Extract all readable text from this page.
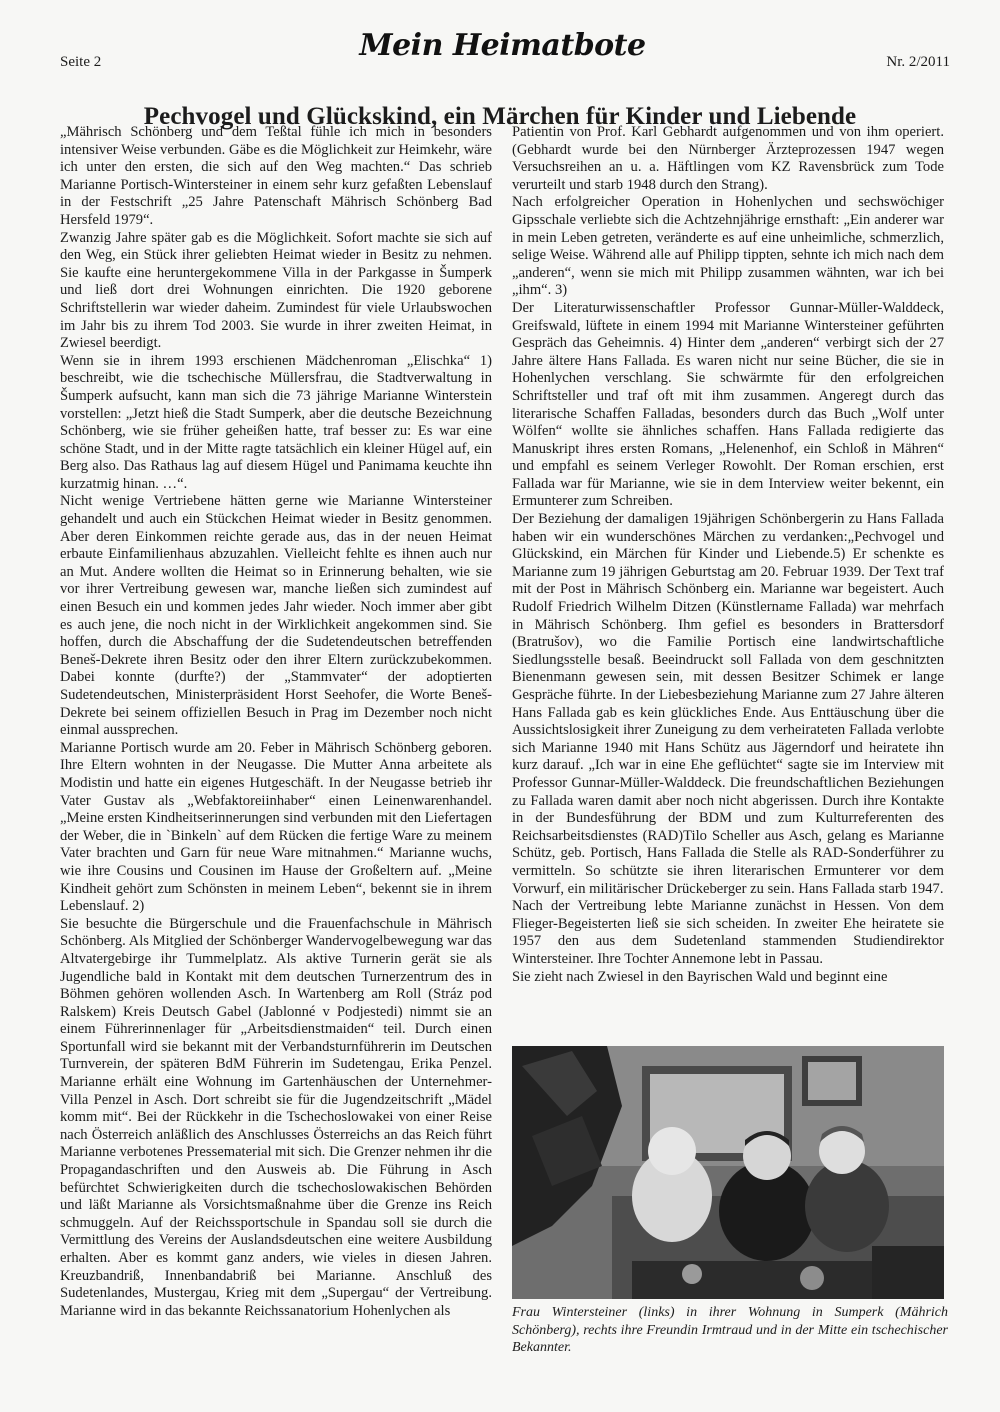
Seite 2	Mein Heimatbote	Nr. 2/2011
Pechvogel und Glückskind, ein Märchen für Kinder und Liebende

„Mährisch Schönberg und dem Teßtal fühle ich mich in besonders intensiver Weise verbunden. Gäbe es die Möglichkeit zur Heimkehr, wäre ich unter den ersten, die sich auf den Weg machten.“ Das schrieb Marianne Portisch-Wintersteiner in einem sehr kurz gefaßten Lebenslauf in der Festschrift „25 Jahre Patenschaft Mährisch Schönberg Bad Hersfeld 1979“.

Zwanzig Jahre später gab es die Möglichkeit. Sofort machte sie sich auf den Weg, ein Stück ihrer geliebten Heimat wieder in Besitz zu nehmen. Sie kaufte eine heruntergekommene Villa in der Parkgasse in Šumperk und ließ dort drei Wohnungen einrichten. Die 1920 geborene Schriftstellerin war wieder daheim. Zumindest für viele Urlaubswochen im Jahr bis zu ihrem Tod 2003. Sie wurde in ihrer zweiten Heimat, in Zwiesel beerdigt.

Wenn sie in ihrem 1993 erschienen Mädchenroman „Elischka“ 1) beschreibt, wie die tschechische Müllersfrau, die Stadtverwaltung in Šumperk aufsucht, kann man sich die 73 jährige Marianne Winterstein vorstellen: „Jetzt hieß die Stadt Sumperk, aber die deutsche Bezeichnung Schönberg, wie sie früher geheißen hatte, traf besser zu: Es war eine schöne Stadt, und in der Mitte ragte tatsächlich ein kleiner Hügel auf, ein Berg also. Das Rathaus lag auf diesem Hügel und Panimama keuchte ihn kurzatmig hinan. …“.

Nicht wenige Vertriebene hätten gerne wie Marianne Wintersteiner gehandelt und auch ein Stückchen Heimat wieder in Besitz genommen. Aber deren Einkommen reichte gerade aus, das in der neuen Heimat erbaute Einfamilienhaus abzuzahlen. Vielleicht fehlte es ihnen auch nur an Mut. Andere wollten die Heimat so in Erinnerung behalten, wie sie vor ihrer Vertreibung gewesen war, manche ließen sich zumindest auf einen Besuch ein und kommen jedes Jahr wieder. Noch immer aber gibt es auch jene, die noch nicht in der Wirklichkeit angekommen sind. Sie hoffen, durch die Abschaffung der die Sudetendeutschen betreffenden Beneš-Dekrete ihren Besitz oder den ihrer Eltern zurückzubekommen. Dabei konnte (durfte?) der „Stammvater“ der adoptierten Sudetendeutschen, Ministerpräsident Horst Seehofer, die Worte Beneš-Dekrete bei seinem offiziellen Besuch in Prag im Dezember noch nicht einmal aussprechen.

Marianne Portisch wurde am 20. Feber in Mährisch Schönberg geboren. Ihre Eltern wohnten in der Neugasse. Die Mutter Anna arbeitete als Modistin und hatte ein eigenes Hutgeschäft. In der Neugasse betrieb ihr Vater Gustav als „Webfaktoreiinhaber“ einen Leinenwarenhandel. „Meine ersten Kindheitserinnerungen sind verbunden mit den Liefertagen der Weber, die in `Binkeln` auf dem Rücken die fertige Ware zu meinem Vater brachten und Garn für neue Ware mitnahmen.“ Marianne wuchs, wie ihre Cousins und Cousinen im Hause der Großeltern auf. „Meine Kindheit gehört zum Schönsten in meinem Leben“, bekennt sie in ihrem Lebenslauf. 2)

Sie besuchte die Bürgerschule und die Frauenfachschule in Mährisch Schönberg. Als Mitglied der Schönberger Wandervogelbewegung war das Altvatergebirge ihr Tummelplatz. Als aktive Turnerin gerät sie als Jugendliche bald in Kontakt mit dem deutschen Turnerzentrum des in Böhmen gehören wollenden Asch. In Wartenberg am Roll (Stráz pod Ralskem) Kreis Deutsch Gabel (Jablonné v Podjestedi) nimmt sie an einem Führerinnenlager für „Arbeitsdienstmaiden“ teil. Durch einen Sportunfall wird sie bekannt mit der Verbandsturnführerin im Deutschen Turnverein, der späteren BdM Führerin im Sudetengau, Erika Penzel. Marianne erhält eine Wohnung im Gartenhäuschen der Unternehmer-Villa Penzel in Asch. Dort schreibt sie für die Jugendzeitschrift „Mädel komm mit“. Bei der Rückkehr in die Tschechoslowakei von einer Reise nach Österreich anläßlich des Anschlusses Österreichs an das Reich führt Marianne verbotenes Pressematerial mit sich. Die Grenzer nehmen ihr die Propagandaschriften und den Ausweis ab. Die Führung in Asch befürchtet Schwierigkeiten durch die tschechoslowakischen Behörden und läßt Marianne als Vorsichtsmaßnahme über die Grenze ins Reich schmuggeln. Auf der Reichssportschule in Spandau soll sie durch die Vermittlung des Vereins der Auslandsdeutschen eine weitere Ausbildung erhalten. Aber es kommt ganz anders, wie vieles in diesen Jahren. Kreuzbandriß, Innenbandabriß bei Marianne. Anschluß des Sudetenlandes, Mustergau, Krieg mit dem „Supergau“ der Vertreibung. Marianne wird in das bekannte Reichssanatorium Hohenlychen als

Patientin von Prof. Karl Gebhardt aufgenommen und von ihm operiert. (Gebhardt wurde bei den Nürnberger Ärzteprozessen 1947 wegen Versuchsreihen an u. a. Häftlingen vom KZ Ravensbrück zum Tode verurteilt und starb 1948 durch den Strang).

Nach erfolgreicher Operation in Hohenlychen und sechswöchiger Gipsschale verliebte sich die Achtzehnjährige ernsthaft: „Ein anderer war in mein Leben getreten, veränderte es auf eine unheimliche, schmerzlich, selige Weise. Während alle auf Philipp tippten, sehnte ich mich nach dem „anderen“, wenn sie mich mit Philipp zusammen wähnten, war ich bei „ihm“. 3)

Der Literaturwissenschaftler Professor Gunnar-Müller-Walddeck, Greifswald, lüftete in einem 1994 mit Marianne Wintersteiner geführten Gespräch das Geheimnis. 4) Hinter dem „anderen“ verbirgt sich der 27 Jahre ältere Hans Fallada. Es waren nicht nur seine Bücher, die sie in Hohenlychen verschlang. Sie schwärmte für den erfolgreichen Schriftsteller und traf oft mit ihm zusammen. Angeregt durch das literarische Schaffen Falladas, besonders durch das Buch „Wolf unter Wölfen“ wollte sie ähnliches schaffen. Hans Fallada redigierte das Manuskript ihres ersten Romans, „Helenenhof, ein Schloß in Mähren“ und empfahl es seinem Verleger Rowohlt. Der Roman erschien, erst Fallada war für Marianne, wie sie in dem Interview weiter bekennt, ein Ermunterer zum Schreiben.

Der Beziehung der damaligen 19jährigen Schönbergerin zu Hans Fallada haben wir ein wunderschönes Märchen zu verdanken:„Pechvogel und Glückskind, ein Märchen für Kinder und Liebende.5) Er schenkte es Marianne zum 19 jährigen Geburtstag am 20. Februar 1939. Der Text traf mit der Post in Mährisch Schönberg ein. Marianne war begeistert. Auch Rudolf Friedrich Wilhelm Ditzen (Künstlername Fallada) war mehrfach in Mährisch Schönberg. Ihm gefiel es besonders in Brattersdorf (Bratrušov), wo die Familie Portisch eine landwirtschaftliche Siedlungsstelle besaß. Beeindruckt soll Fallada von dem geschnitzten Bienenmann gewesen sein, mit dessen Besitzer Schimek er lange Gespräche führte. In der Liebesbeziehung Marianne zum 27 Jahre älteren Hans Fallada gab es kein glückliches Ende. Aus Enttäuschung über die Aussichtslosigkeit ihrer Zuneigung zu dem verheirateten Fallada verlobte sich Marianne 1940 mit Hans Schütz aus Jägerndorf und heiratete ihn kurz darauf. „Ich war in eine Ehe geflüchtet“ sagte sie im Interview mit Professor Gunnar-Müller-Walddeck. Die freundschaftlichen Beziehungen zu Fallada waren damit aber noch nicht abgerissen. Durch ihre Kontakte in der Bundesführung der BDM und zum Kulturreferenten des Reichsarbeitsdienstes (RAD)Tilo Scheller aus Asch, gelang es Marianne Schütz, geb. Portisch, Hans Fallada die Stelle als RAD-Sonderführer zu vermitteln. So schützte sie ihren literarischen Ermunterer vor dem Vorwurf, ein militärischer Drückeberger zu sein. Hans Fallada starb 1947.

Nach der Vertreibung lebte Marianne zunächst in Hessen. Von dem Flieger-Begeisterten ließ sie sich scheiden. In zweiter Ehe heiratete sie 1957 den aus dem Sudetenland stammenden Studiendirektor Wintersteiner. Ihre Tochter Annemone lebt in Passau.

Sie zieht nach Zwiesel in den Bayrischen Wald und beginnt eine

Frau Wintersteiner (links) in ihrer Wohnung in Sumperk (Mährich Schönberg), rechts ihre Freundin Irmtraud und in der Mitte ein tschechischer Bekannter.
